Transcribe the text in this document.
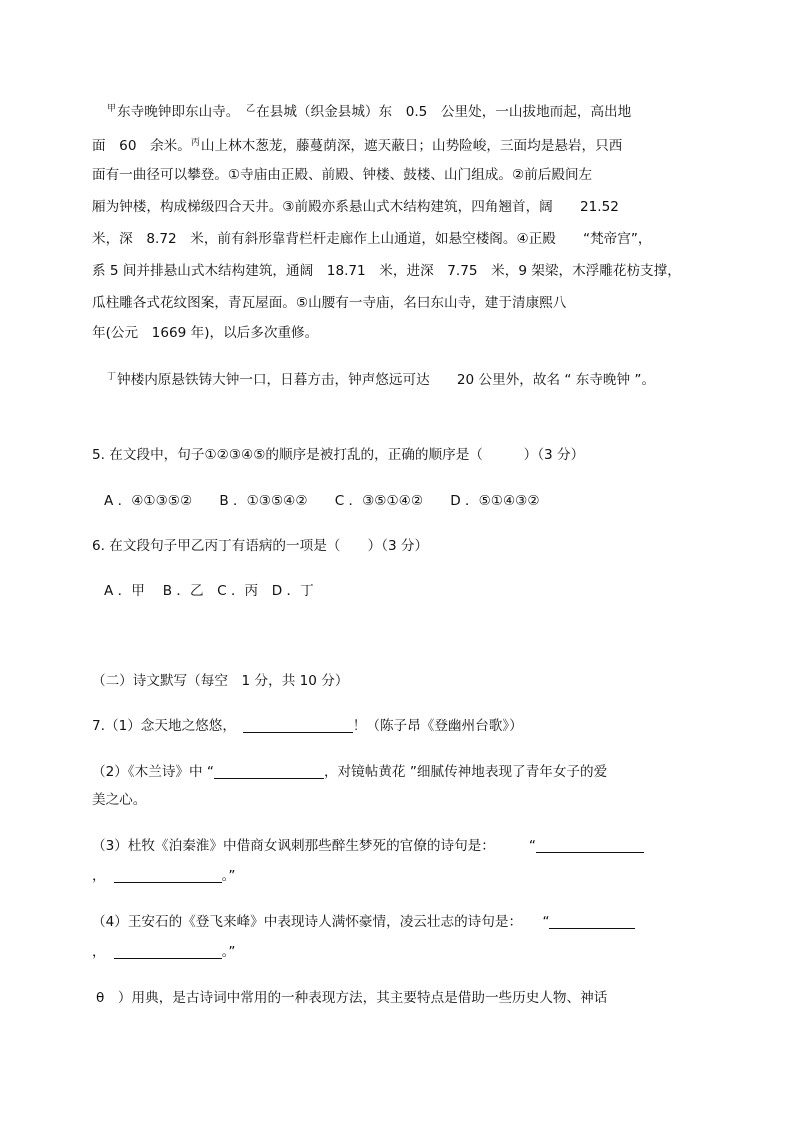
$^甲$东寺晚钟即东山寺。　 $^乙$在县城（织金县城）东　0.5　公里处，一山拔地而起，高出地
面　60　余米。$^丙$山上林木葱茏，藤蔓荫深，遮天蔽日；山势险峻，三面均是悬岩，只西
面有一曲径可以攀登。①寺庙由正殿、前殿、钟楼、鼓楼、山门组成。②前后殿间左
厢为钟楼，构成梯级四合天井。③前殿亦系悬山式木结构建筑，四角翘首，阔　　21.52
米，深　8.72　米，前有斜形靠背栏杆走廊作上山通道，如悬空楼阁。④正殿　　“梵帝宫”，
系 5 间并排悬山式木结构建筑，通阔　18.71　米，进深　7.75　米，9 架梁，木浮雕花枋支撑，
瓜柱雕各式花纹图案，青瓦屋面。⑤山腰有一寺庙，名曰东山寺，建于清康熙八
年(公元　1669 年)，以后多次重修。
$^丁$钟楼内原悬铁铸大钟一口，日暮方击，钟声悠远可达　　20 公里外，故名 “ 东寺晚钟 ”。
5. 在文段中，句子①②③④⑤的顺序是被打乱的，正确的顺序是（　　　）（3 分）
A ．④①③⑤②　　B ．①③⑤④②　　C ．③⑤①④②　　D ．⑤①④③②
6. 在文段句子甲乙丙丁有语病的一项是（　　）（3 分）
A ．甲　 B ．乙　C ．丙　D ．丁
（二）诗文默写（每空　1 分，共 10 分）
7.（1）念天地之悠悠，　	！（陈子昂《登幽州台歌》）
（2）《木兰诗》中 “	，对镜帖黄花 ”细腻传神地表现了青年女子的爱
美之心。
（3）杜牧《泊秦淮》中借商女讽刺那些醉生梦死的官僚的诗句是：　　　“
，	。”
（4）王安石的《登飞来峰》中表现诗人满怀豪情，凌云壮志的诗句是：　　“
，	。”
θ　）用典，是古诗词中常用的一种表现方法，其主要特点是借助一些历史人物、神话
